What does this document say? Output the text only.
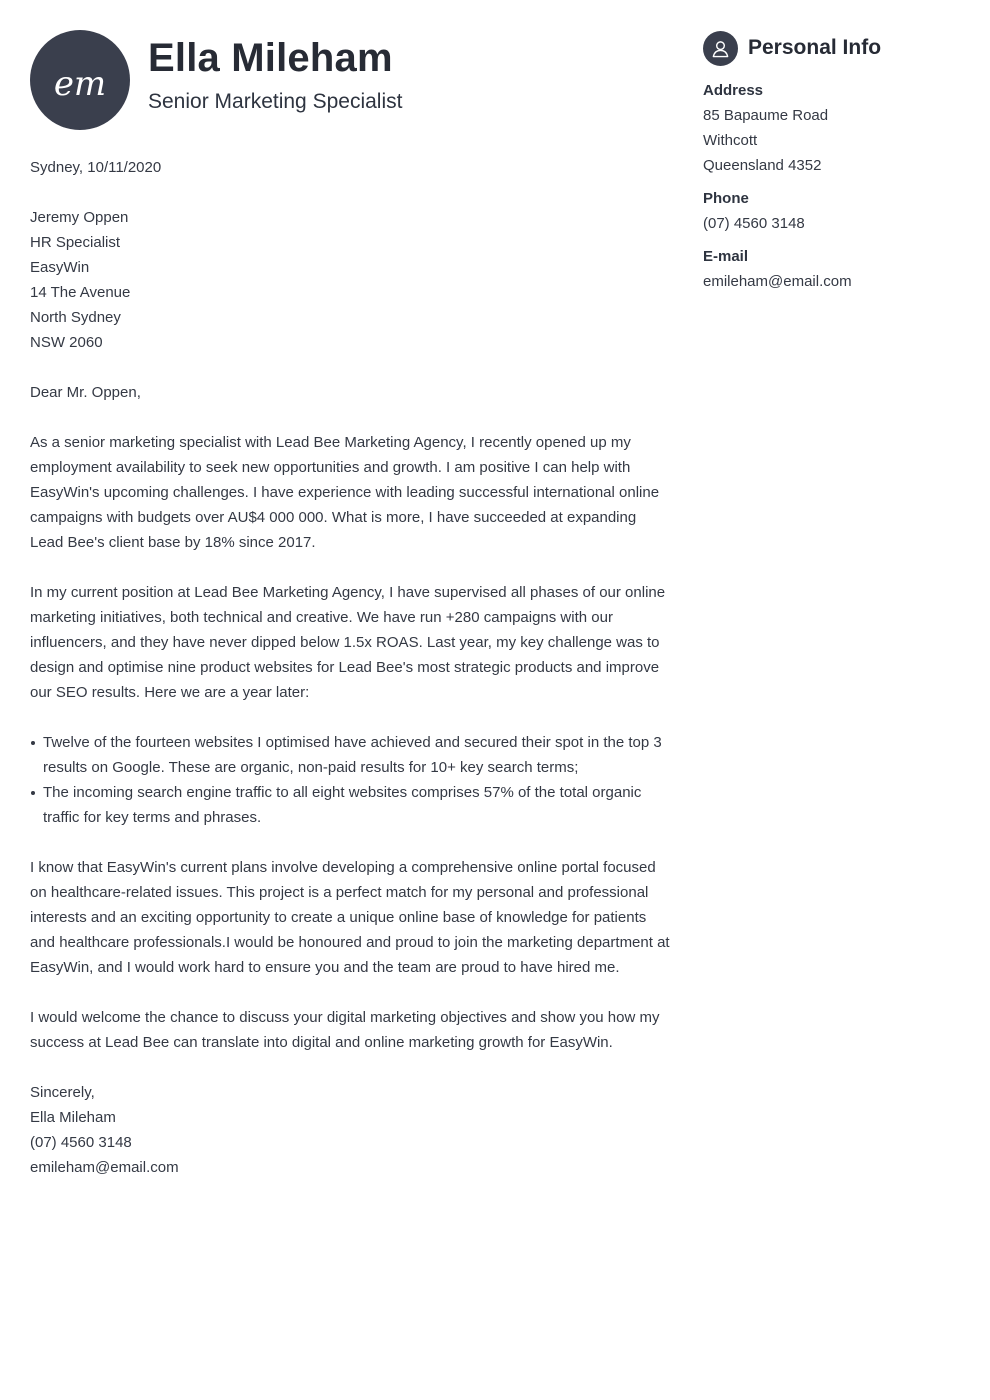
em
Ella Mileham
Senior Marketing Specialist

Sydney, 10/11/2020

Jeremy Oppen
HR Specialist
EasyWin
14 The Avenue
North Sydney
NSW 2060

Dear Mr. Oppen,

As a senior marketing specialist with Lead Bee Marketing Agency, I recently opened up my employment availability to seek new opportunities and growth. I am positive I can help with EasyWin's upcoming challenges. I have experience with leading successful international online campaigns with budgets over AU$4 000 000. What is more, I have succeeded at expanding Lead Bee's client base by 18% since 2017.

In my current position at Lead Bee Marketing Agency, I have supervised all phases of our online marketing initiatives, both technical and creative. We have run +280 campaigns with our influencers, and they have never dipped below 1.5x ROAS. Last year, my key challenge was to design and optimise nine product websites for Lead Bee's most strategic products and improve our SEO results. Here we are a year later:

Twelve of the fourteen websites I optimised have achieved and secured their spot in the top 3 results on Google. These are organic, non-paid results for 10+ key search terms;
The incoming search engine traffic to all eight websites comprises 57% of the total organic traffic for key terms and phrases.

I know that EasyWin's current plans involve developing a comprehensive online portal focused on healthcare-related issues. This project is a perfect match for my personal and professional interests and an exciting opportunity to create a unique online base of knowledge for patients and healthcare professionals.I would be honoured and proud to join the marketing department at EasyWin, and I would work hard to ensure you and the team are proud to have hired me.

I would welcome the chance to discuss your digital marketing objectives and show you how my success at Lead Bee can translate into digital and online marketing growth for EasyWin.

Sincerely,
Ella Mileham
(07) 4560 3148
emileham@email.com

Personal Info
Address
85 Bapaume Road
Withcott
Queensland 4352
Phone
(07) 4560 3148
E-mail
emileham@email.com
